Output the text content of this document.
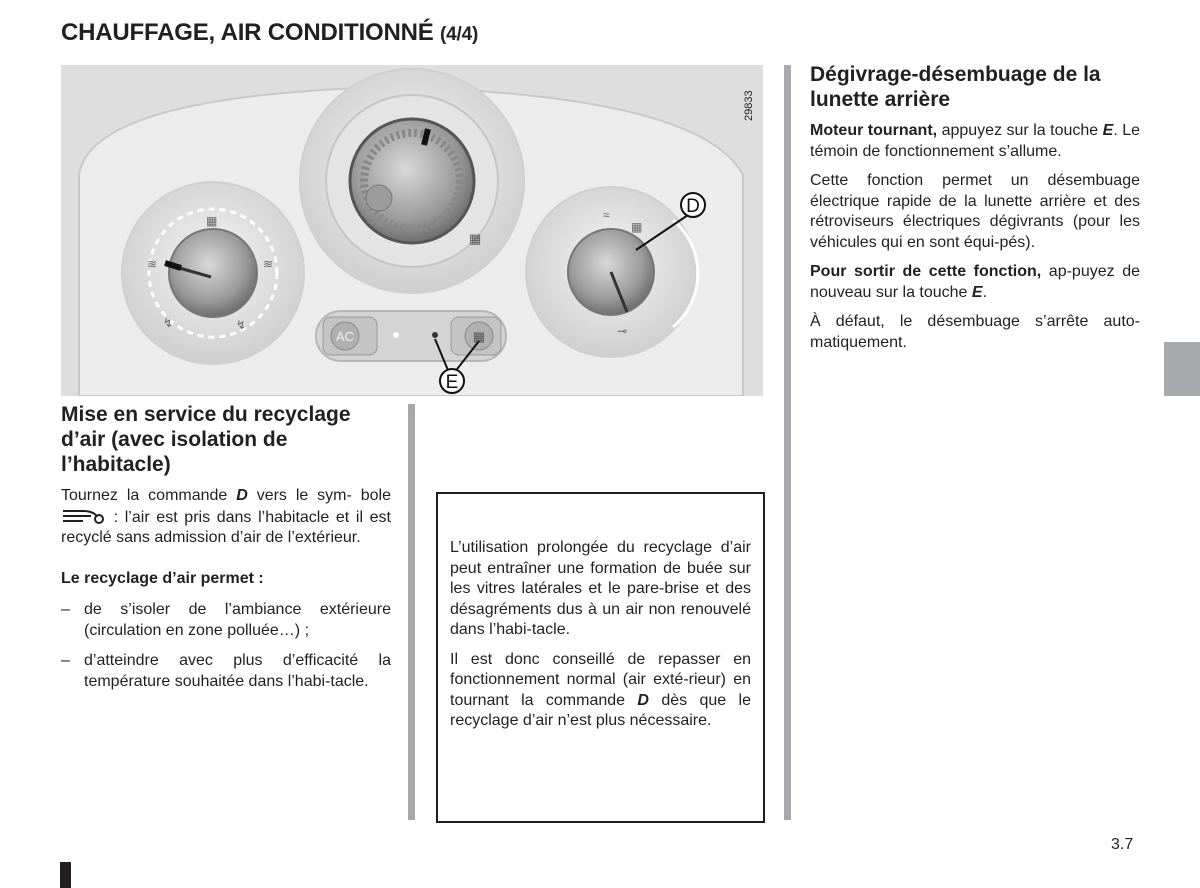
CHAUFFAGE, AIR CONDITIONNÉ (4/4)
▦
≋
≋
↯	↯
▦
≈
▦
⊸
D
AC	▦
E
29833
Mise en service du recyclage d’air (avec isolation de l’habitacle)

Tournez la commande D vers le sym- bole  : l’air est pris dans l’habitacle et il est recyclé sans admission d’air de l’extérieur.

Le recyclage d’air permet :

– de s’isoler de l’ambiance extérieure (circulation en zone polluée…) ;
– d’atteindre avec plus d’efficacité la température souhaitée dans l’habi-tacle.

L’utilisation prolongée du recyclage d’air peut entraîner une formation de buée sur les vitres latérales et le pare-brise et des désagréments dus à un air non renouvelé dans l’habi-tacle.

Il est donc conseillé de repasser en fonctionnement normal (air exté-rieur) en tournant la commande D dès que le recyclage d’air n’est plus nécessaire.

Dégivrage-désembuage de la lunette arrière

Moteur tournant, appuyez sur la touche E. Le témoin de fonctionnement s’allume.

Cette fonction permet un désembuage électrique rapide de la lunette arrière et des rétroviseurs électriques dégivrants (pour les véhicules qui en sont équi-pés).

Pour sortir de cette fonction, ap-puyez de nouveau sur la touche E.

À défaut, le désembuage s’arrête auto-matiquement.

3.7
